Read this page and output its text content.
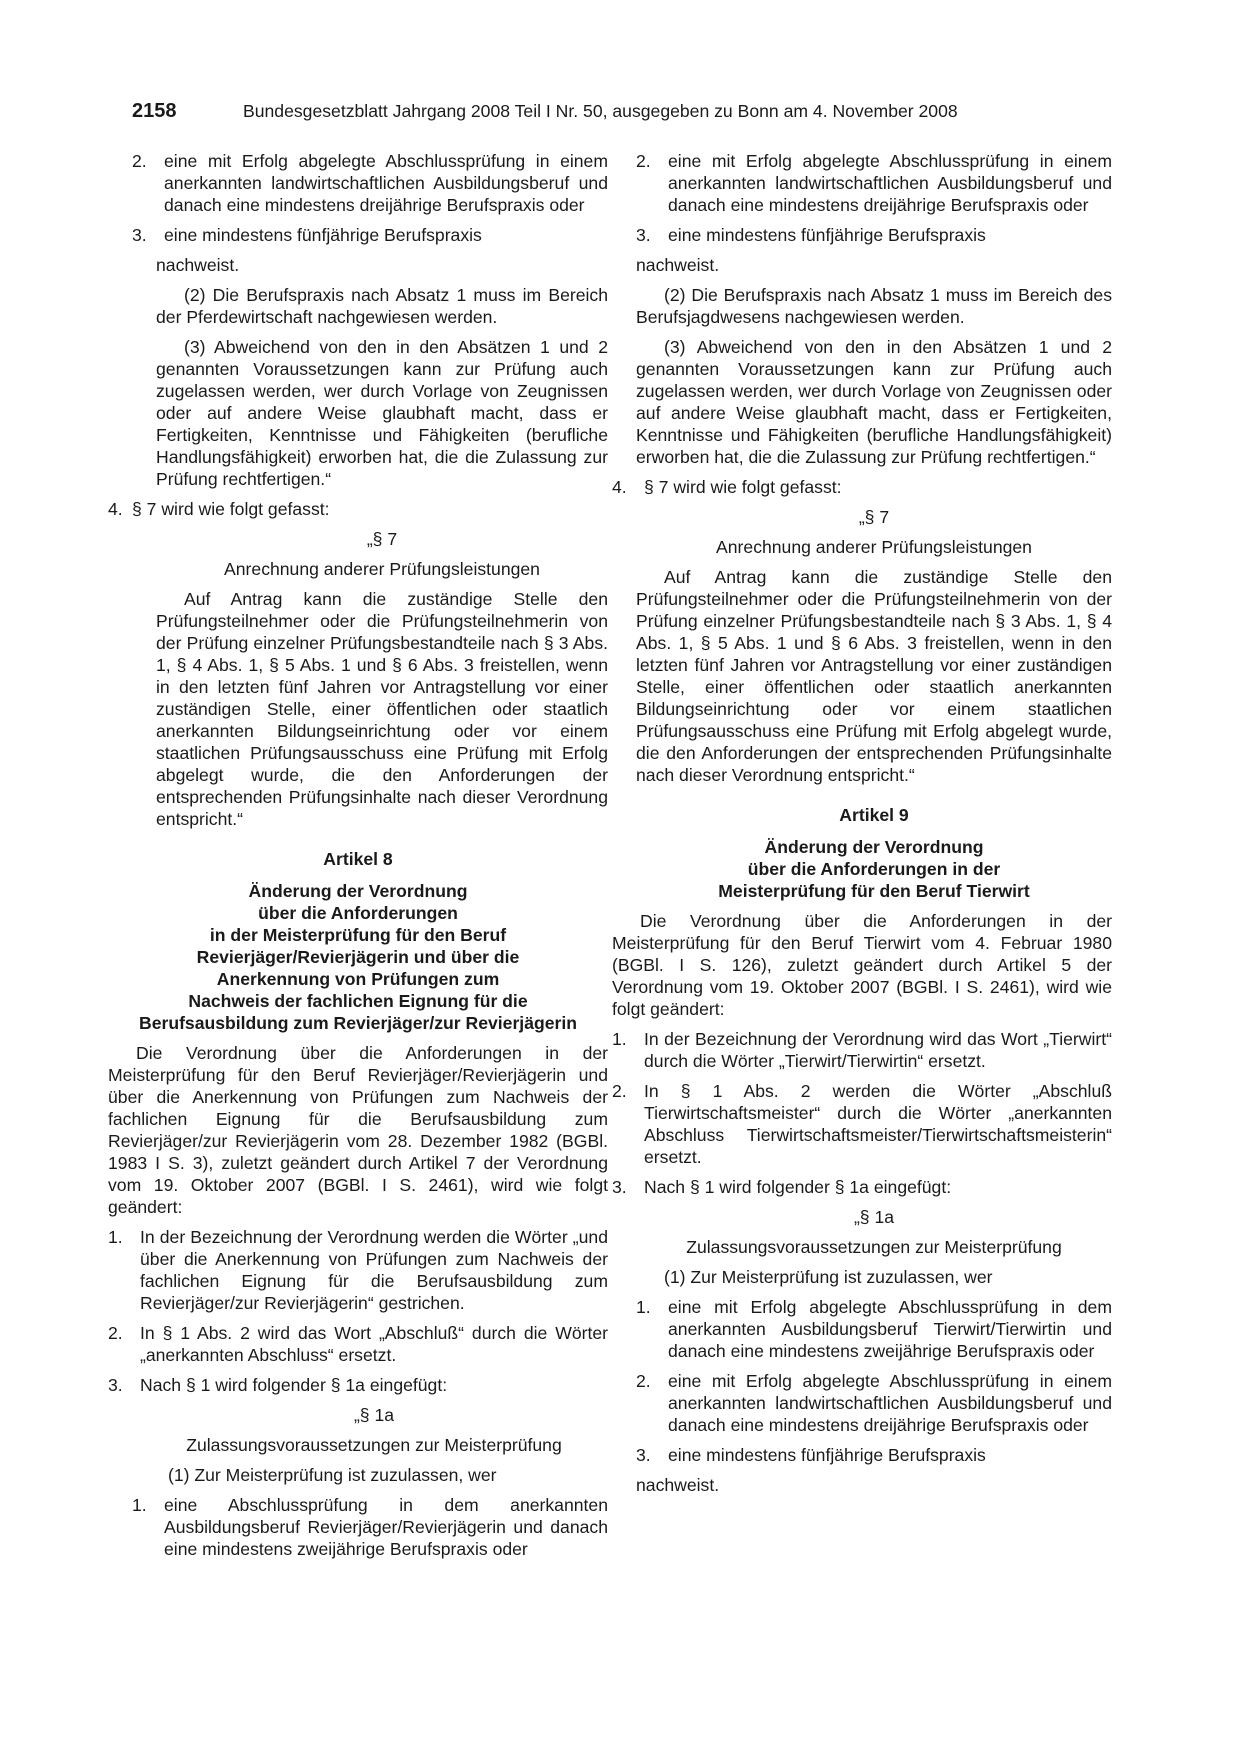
2158	Bundesgesetzblatt Jahrgang 2008 Teil I Nr. 50, ausgegeben zu Bonn am 4. November 2008
2. eine mit Erfolg abgelegte Abschlussprüfung in einem anerkannten landwirtschaftlichen Ausbildungsberuf und danach eine mindestens dreijährige Berufspraxis oder
3. eine mindestens fünfjährige Berufspraxis

nachweist.

(2) Die Berufspraxis nach Absatz 1 muss im Bereich der Pferdewirtschaft nachgewiesen werden.

(3) Abweichend von den in den Absätzen 1 und 2 genannten Voraussetzungen kann zur Prüfung auch zugelassen werden, wer durch Vorlage von Zeugnissen oder auf andere Weise glaubhaft macht, dass er Fertigkeiten, Kenntnisse und Fähigkeiten (berufliche Handlungsfähigkeit) erworben hat, die die Zulassung zur Prüfung rechtfertigen.“

4. § 7 wird wie folgt gefasst:

„§ 7

Anrechnung anderer Prüfungsleistungen

Auf Antrag kann die zuständige Stelle den Prüfungsteilnehmer oder die Prüfungsteilnehmerin von der Prüfung einzelner Prüfungsbestandteile nach § 3 Abs. 1, § 4 Abs. 1, § 5 Abs. 1 und § 6 Abs. 3 freistellen, wenn in den letzten fünf Jahren vor Antragstellung vor einer zuständigen Stelle, einer öffentlichen oder staatlich anerkannten Bildungseinrichtung oder vor einem staatlichen Prüfungsausschuss eine Prüfung mit Erfolg abgelegt wurde, die den Anforderungen der entsprechenden Prüfungsinhalte nach dieser Verordnung entspricht.“

Artikel 8
Änderung der Verordnung
über die Anforderungen
in der Meisterprüfung für den Beruf
Revierjäger/Revierjägerin und über die
Anerkennung von Prüfungen zum
Nachweis der fachlichen Eignung für die
Berufsausbildung zum Revierjäger/zur Revierjägerin

Die Verordnung über die Anforderungen in der Meisterprüfung für den Beruf Revierjäger/Revierjägerin und über die Anerkennung von Prüfungen zum Nachweis der fachlichen Eignung für die Berufsausbildung zum Revierjäger/zur Revierjägerin vom 28. Dezember 1982 (BGBl. 1983 I S. 3), zuletzt geändert durch Artikel 7 der Verordnung vom 19. Oktober 2007 (BGBl. I S. 2461), wird wie folgt geändert:

1. In der Bezeichnung der Verordnung werden die Wörter „und über die Anerkennung von Prüfungen zum Nachweis der fachlichen Eignung für die Berufsausbildung zum Revierjäger/zur Revierjägerin“ gestrichen.
2. In § 1 Abs. 2 wird das Wort „Abschluß“ durch die Wörter „anerkannten Abschluss“ ersetzt.
3. Nach § 1 wird folgender § 1a eingefügt:

„§ 1a

Zulassungsvoraussetzungen zur Meisterprüfung

(1) Zur Meisterprüfung ist zuzulassen, wer

1. eine Abschlussprüfung in dem anerkannten Ausbildungsberuf Revierjäger/Revierjägerin und danach eine mindestens zweijährige Berufspraxis oder
2. eine mit Erfolg abgelegte Abschlussprüfung in einem anerkannten landwirtschaftlichen Ausbildungsberuf und danach eine mindestens dreijährige Berufspraxis oder
3. eine mindestens fünfjährige Berufspraxis

nachweist.

(2) Die Berufspraxis nach Absatz 1 muss im Bereich des Berufsjagdwesens nachgewiesen werden.

(3) Abweichend von den in den Absätzen 1 und 2 genannten Voraussetzungen kann zur Prüfung auch zugelassen werden, wer durch Vorlage von Zeugnissen oder auf andere Weise glaubhaft macht, dass er Fertigkeiten, Kenntnisse und Fähigkeiten (berufliche Handlungsfähigkeit) erworben hat, die die Zulassung zur Prüfung rechtfertigen.“

4. § 7 wird wie folgt gefasst:

„§ 7

Anrechnung anderer Prüfungsleistungen

Auf Antrag kann die zuständige Stelle den Prüfungsteilnehmer oder die Prüfungsteilnehmerin von der Prüfung einzelner Prüfungsbestandteile nach § 3 Abs. 1, § 4 Abs. 1, § 5 Abs. 1 und § 6 Abs. 3 freistellen, wenn in den letzten fünf Jahren vor Antragstellung vor einer zuständigen Stelle, einer öffentlichen oder staatlich anerkannten Bildungseinrichtung oder vor einem staatlichen Prüfungsausschuss eine Prüfung mit Erfolg abgelegt wurde, die den Anforderungen der entsprechenden Prüfungsinhalte nach dieser Verordnung entspricht.“

Artikel 9
Änderung der Verordnung
über die Anforderungen in der
Meisterprüfung für den Beruf Tierwirt

Die Verordnung über die Anforderungen in der Meisterprüfung für den Beruf Tierwirt vom 4. Februar 1980 (BGBl. I S. 126), zuletzt geändert durch Artikel 5 der Verordnung vom 19. Oktober 2007 (BGBl. I S. 2461), wird wie folgt geändert:

1. In der Bezeichnung der Verordnung wird das Wort „Tierwirt“ durch die Wörter „Tierwirt/Tierwirtin“ ersetzt.
2. In § 1 Abs. 2 werden die Wörter „Abschluß Tierwirtschaftsmeister“ durch die Wörter „anerkannten Abschluss Tierwirtschaftsmeister/Tierwirtschaftsmeisterin“ ersetzt.
3. Nach § 1 wird folgender § 1a eingefügt:

„§ 1a

Zulassungsvoraussetzungen zur Meisterprüfung

(1) Zur Meisterprüfung ist zuzulassen, wer

1. eine mit Erfolg abgelegte Abschlussprüfung in dem anerkannten Ausbildungsberuf Tierwirt/Tierwirtin und danach eine mindestens zweijährige Berufspraxis oder
2. eine mit Erfolg abgelegte Abschlussprüfung in einem anerkannten landwirtschaftlichen Ausbildungsberuf und danach eine mindestens dreijährige Berufspraxis oder
3. eine mindestens fünfjährige Berufspraxis

nachweist.
